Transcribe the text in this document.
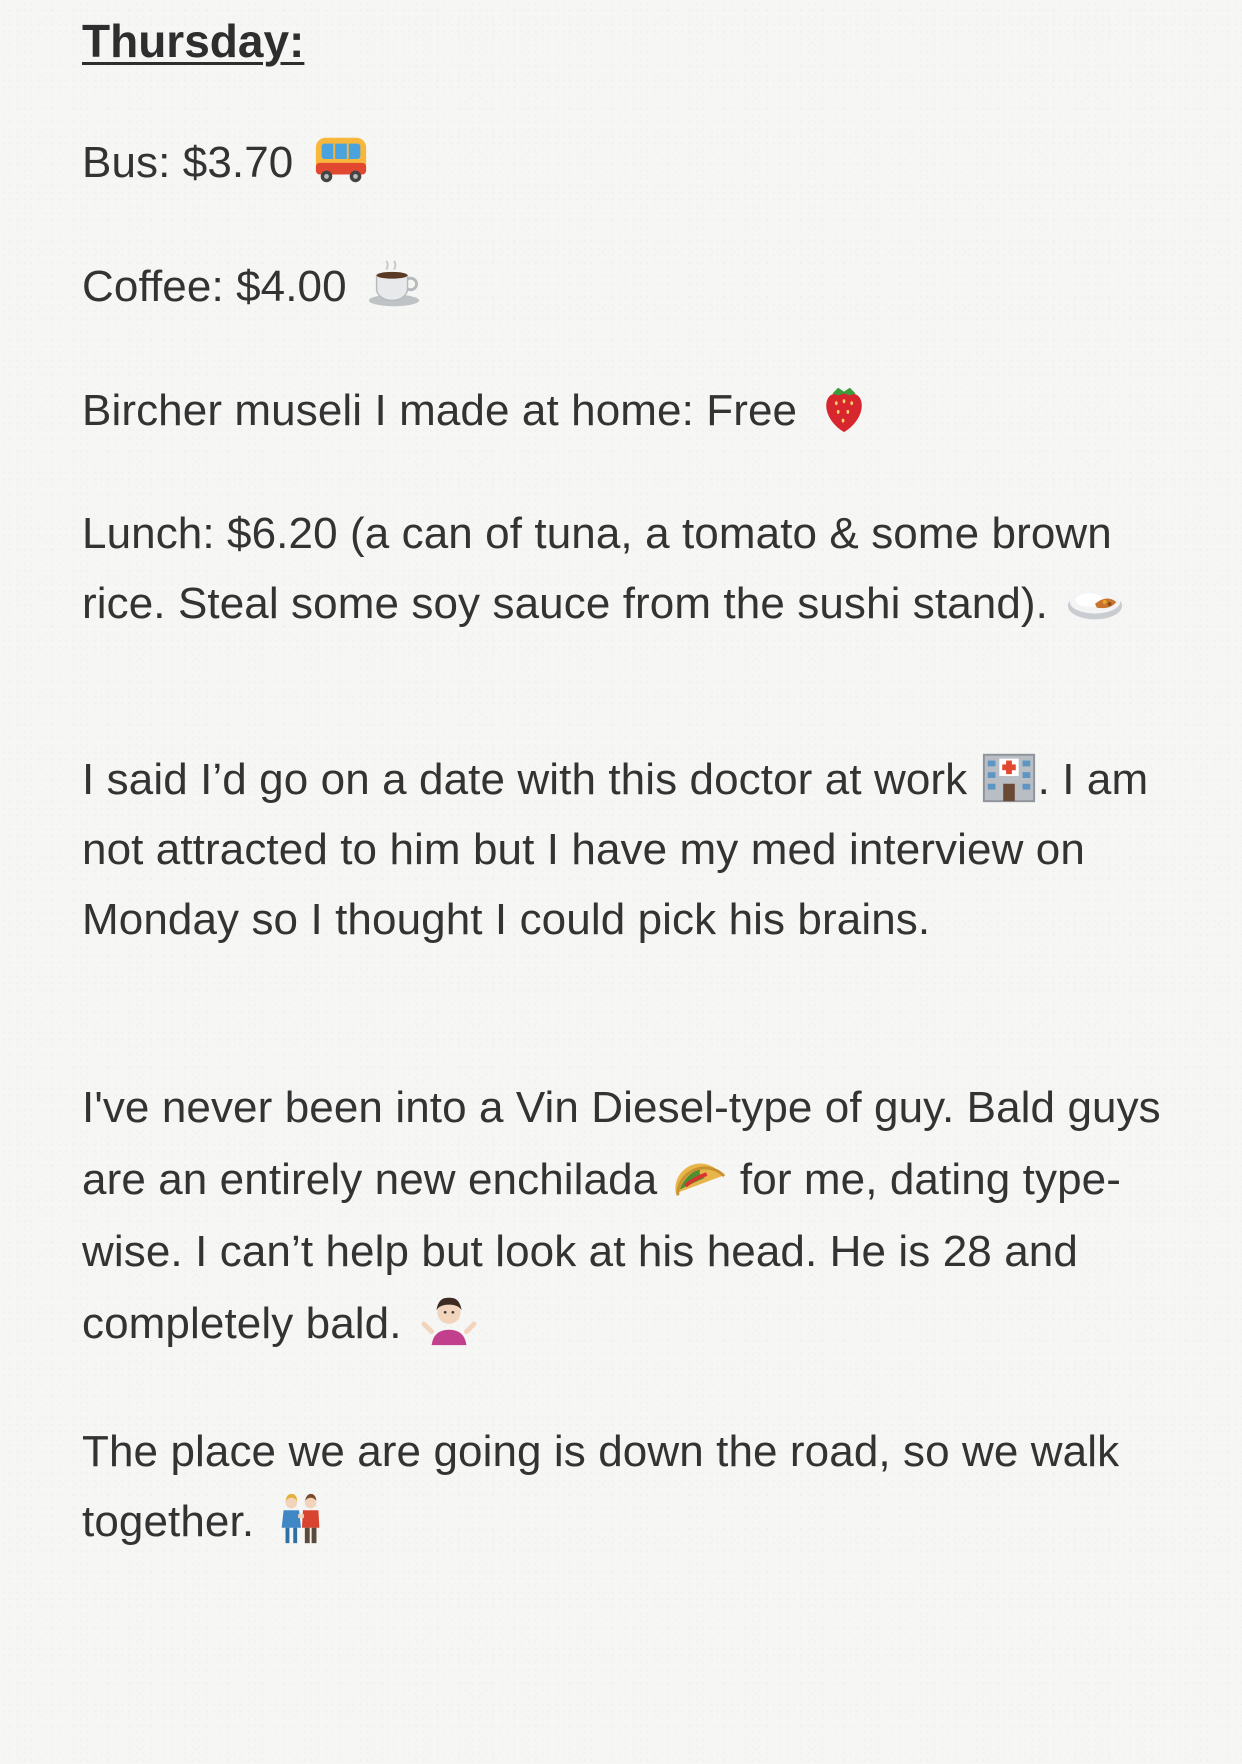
Thursday:

Bus: $3.70

Coffee: $4.00

Bircher museli I made at home: Free

Lunch: $6.20 (a can of tuna, a tomato & some brown rice. Steal some soy sauce from the sushi stand).

I said I’d go on a date with this doctor at work
. I am not attracted to him but I have my med interview on Monday so I thought I could pick his brains.

I've never been into a Vin Diesel-type of guy. Bald guys are an entirely new enchilada
for me, dating type-wise. I can’t help but look at his head. He is 28 and completely bald.

The place we are going is down the road, so we walk together.
